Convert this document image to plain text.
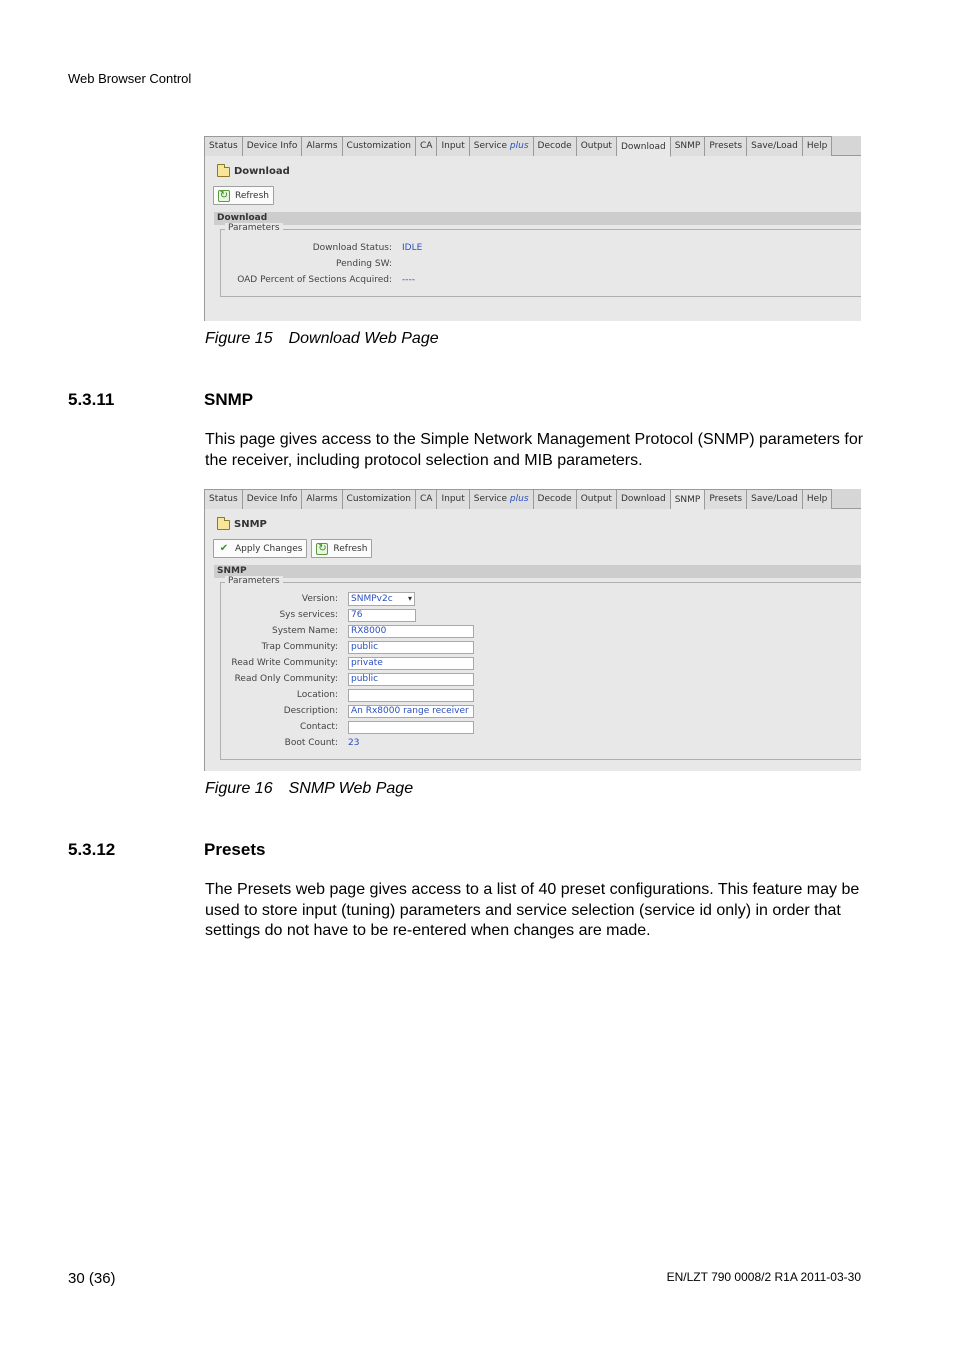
Web Browser Control
Status	Device Info	Alarms	Customization	CA	Input	Service plus	Decode	Output	Download	SNMP	Presets	Save/Load	Help
Download
↻ Refresh
Download
Parameters
Download Status: IDLE
Pending SW:
OAD Percent of Sections Acquired: ----
Figure 15 Download Web Page
5.3.11	SNMP
This page gives access to the Simple Network Management Protocol (SNMP) parameters for the receiver, including protocol selection and MIB parameters.
Status	Device Info	Alarms	Customization	CA	Input	Service plus	Decode	Output	Download	SNMP	Presets	Save/Load	Help
SNMP
✔ Apply Changes ↻ Refresh
SNMP
Parameters
Version: SNMPv2c ▾
Sys services:	76
System Name:	RX8000
Trap Community:	public
Read Write Community:	private
Read Only Community:	public
Location:
Description:	An Rx8000 range receiver
Contact:
Boot Count: 23
Figure 16 SNMP Web Page
5.3.12	Presets
The Presets web page gives access to a list of 40 preset configurations. This feature may be used to store input (tuning) parameters and service selection (service id only) in order that settings do not have to be re-entered when changes are made.
30 (36)	EN/LZT 790 0008/2 R1A 2011-03-30
